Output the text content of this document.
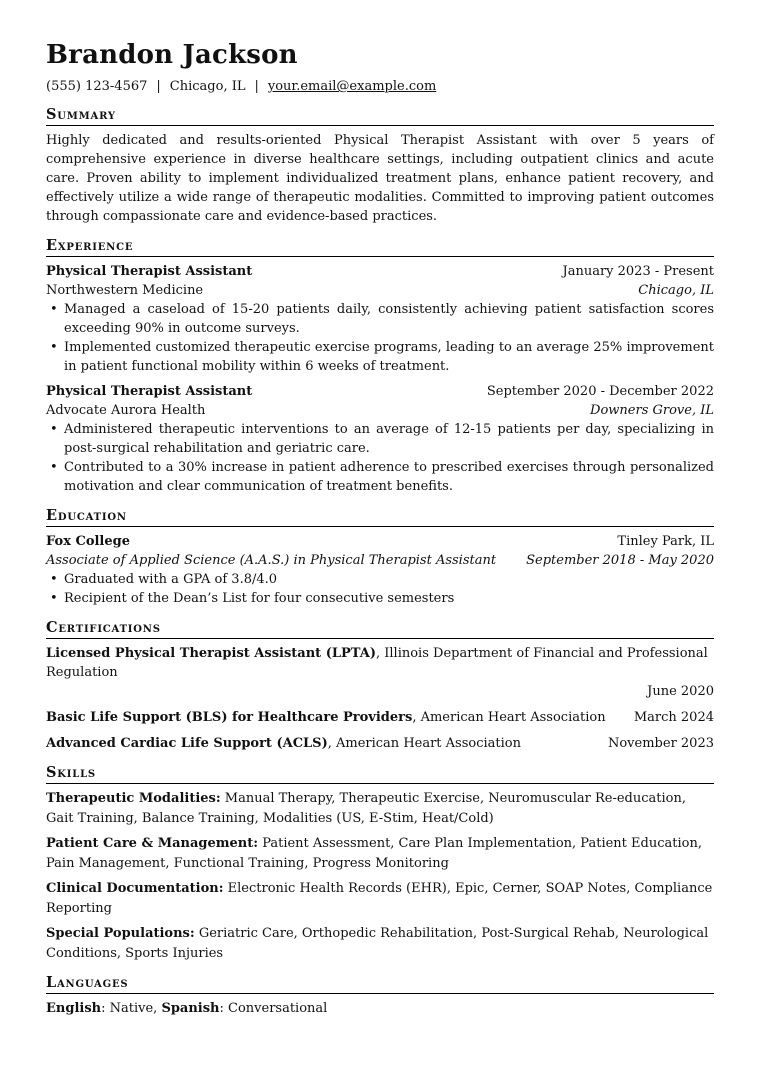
Brandon Jackson
(555) 123-4567 | Chicago, IL | your.email@example.com
Summary

Highly dedicated and results-oriented Physical Therapist Assistant with over 5 years of comprehensive experience in diverse healthcare settings, including outpatient clinics and acute care. Proven ability to implement individualized treatment plans, enhance patient recovery, and effectively utilize a wide range of therapeutic modalities. Committed to improving patient outcomes through compassionate care and evidence-based practices.

Experience
Physical Therapist Assistant	January 2023 - Present
Northwestern Medicine	Chicago, IL
• Managed a caseload of 15-20 patients daily, consistently achieving patient satisfaction scores exceeding 90% in outcome surveys.
• Implemented customized therapeutic exercise programs, leading to an average 25% improvement in patient functional mobility within 6 weeks of treatment.
Physical Therapist Assistant	September 2020 - December 2022
Advocate Aurora Health	Downers Grove, IL
• Administered therapeutic interventions to an average of 12-15 patients per day, specializing in post-surgical rehabilitation and geriatric care.
• Contributed to a 30% increase in patient adherence to prescribed exercises through personalized motivation and clear communication of treatment benefits.
Education
Fox College	Tinley Park, IL
Associate of Applied Science (A.A.S.) in Physical Therapist Assistant September 2018 - May 2020
• Graduated with a GPA of 3.8/4.0
• Recipient of the Dean’s List for four consecutive semesters
Certifications
Licensed Physical Therapist Assistant (LPTA), Illinois Department of Financial and Professional Regulation
June 2020
Basic Life Support (BLS) for Healthcare Providers, American Heart Association March 2024
Advanced Cardiac Life Support (ACLS), American Heart Association	November 2023
Skills
Therapeutic Modalities: Manual Therapy, Therapeutic Exercise, Neuromuscular Re-education, Gait Training, Balance Training, Modalities (US, E-Stim, Heat/Cold)
Patient Care & Management: Patient Assessment, Care Plan Implementation, Patient Education, Pain Management, Functional Training, Progress Monitoring
Clinical Documentation: Electronic Health Records (EHR), Epic, Cerner, SOAP Notes, Compliance Reporting
Special Populations: Geriatric Care, Orthopedic Rehabilitation, Post-Surgical Rehab, Neurological Conditions, Sports Injuries
Languages
English: Native, Spanish: Conversational
